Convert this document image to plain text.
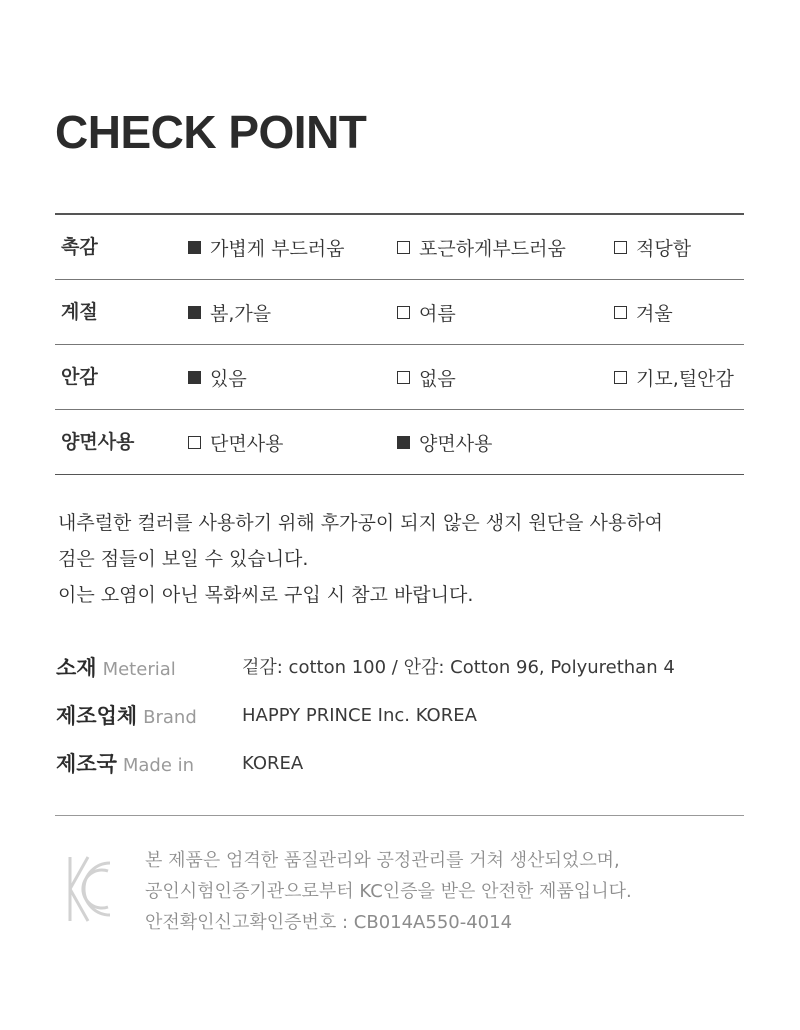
CHECK POINT
촉감	가볍게 부드러움	포근하게부드러움	적당함
계절	봄,가을	여름	겨울
안감	있음	없음	기모,털안감
양면사용	단면사용	양면사용
내추럴한 컬러를 사용하기 위해 후가공이 되지 않은 생지 원단을 사용하여
검은 점들이 보일 수 있습니다.
이는 오염이 아닌 목화씨로 구입 시 참고 바랍니다.
소재 Meterial	겉감: cotton 100 / 안감: Cotton 96, Polyurethan 4
제조업체 Brand	HAPPY PRINCE Inc. KOREA
제조국 Made in	KOREA
본 제품은 엄격한 품질관리와 공정관리를 거쳐 생산되었으며,
공인시험인증기관으로부터 KC인증을 받은 안전한 제품입니다.
안전확인신고확인증번호 : CB014A550-4014
